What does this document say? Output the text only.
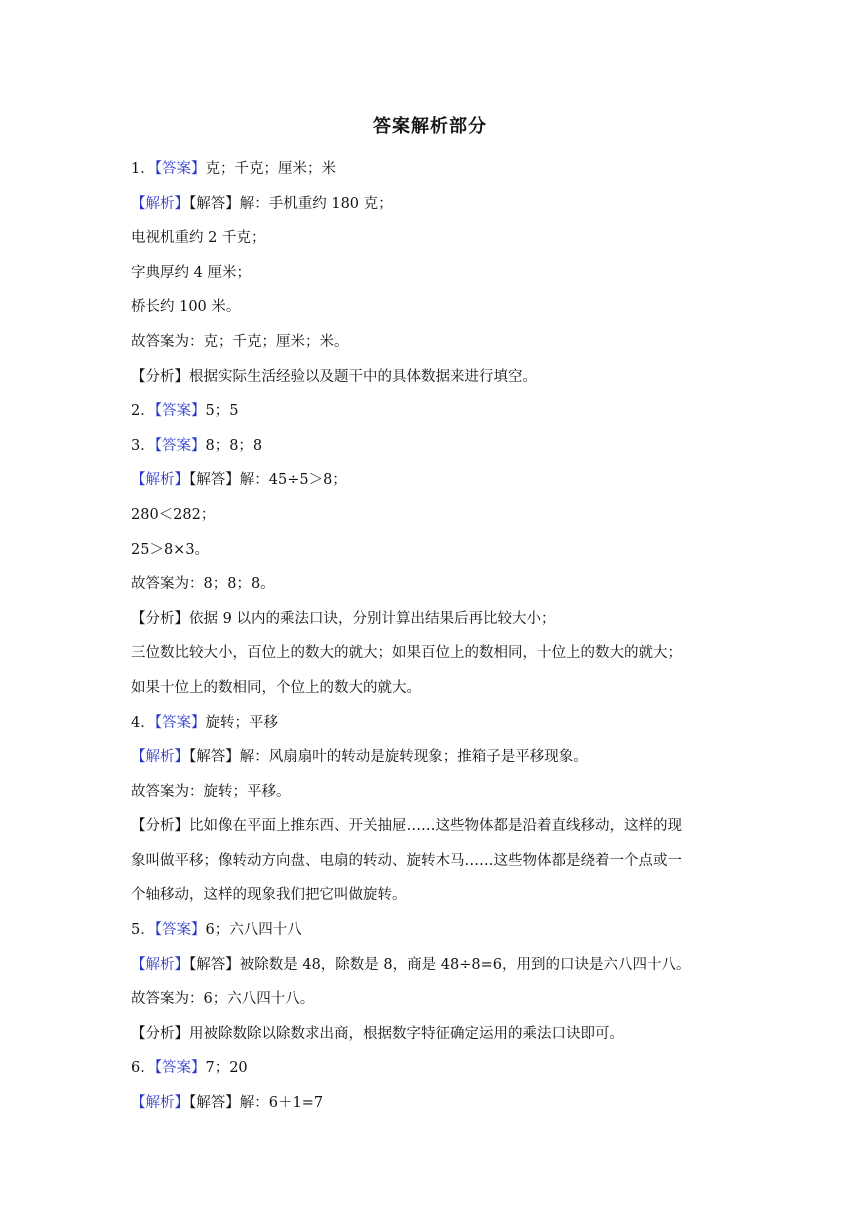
答案解析部分
1．【答案】克；千克；厘米；米
【解析】【解答】解：手机重约 180 克；
电视机重约 2 千克；
字典厚约 4 厘米；
桥长约 100 米。
故答案为：克；千克；厘米；米。
【分析】根据实际生活经验以及题干中的具体数据来进行填空。
2．【答案】5；5
3．【答案】8；8；8
【解析】【解答】解：45÷5＞8；
280＜282；
25＞8×3。
故答案为：8；8；8。
【分析】依据 9 以内的乘法口诀，分别计算出结果后再比较大小；
三位数比较大小，百位上的数大的就大；如果百位上的数相同，十位上的数大的就大；
如果十位上的数相同，个位上的数大的就大。
4．【答案】旋转；平移
【解析】【解答】解：风扇扇叶的转动是旋转现象；推箱子是平移现象。
故答案为：旋转；平移。
【分析】比如像在平面上推东西、开关抽屉……这些物体都是沿着直线移动，这样的现
象叫做平移；像转动方向盘、电扇的转动、旋转木马……这些物体都是绕着一个点或一
个轴移动，这样的现象我们把它叫做旋转。
5．【答案】6；六八四十八
【解析】【解答】被除数是 48，除数是 8，商是 48÷8=6，用到的口诀是六八四十八。
故答案为：6；六八四十八。
【分析】用被除数除以除数求出商，根据数字特征确定运用的乘法口诀即可。
6．【答案】7；20
【解析】【解答】解：6＋1=7
